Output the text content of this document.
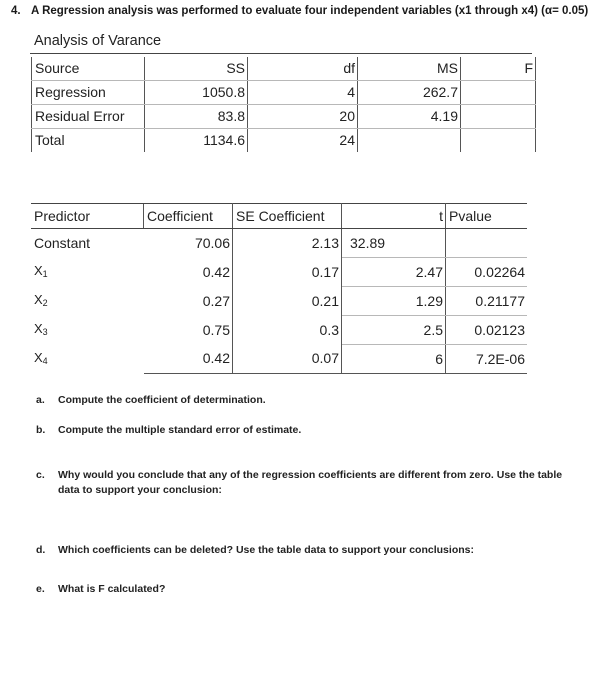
4. A Regression analysis was performed to evaluate four independent variables (x1 through x4) (α= 0.05)
Analysis of Varance
Source	SS	df	MS	F
Regression	1050.8	4	262.7	
Residual Error	83.8	20	4.19	
Total	1134.6	24		
Predictor	Coefficient	SE Coefficient	t	Pvalue
Constant	70.06	2.13	32.89	
$X_1$	0.42	0.17	2.47	0.02264
$X_2$	0.27	0.21	1.29	0.21177
$X_3$	0.75	0.3	2.5	0.02123
$X_4$	0.42	0.07	6	7.2E-06
a. Compute the coefficient of determination.
b. Compute the multiple standard error of estimate.
c. Why would you conclude that any of the regression coefficients are different from zero. Use the table
data to support your conclusion:
d. Which coefficients can be deleted? Use the table data to support your conclusions:
e. What is F calculated?
